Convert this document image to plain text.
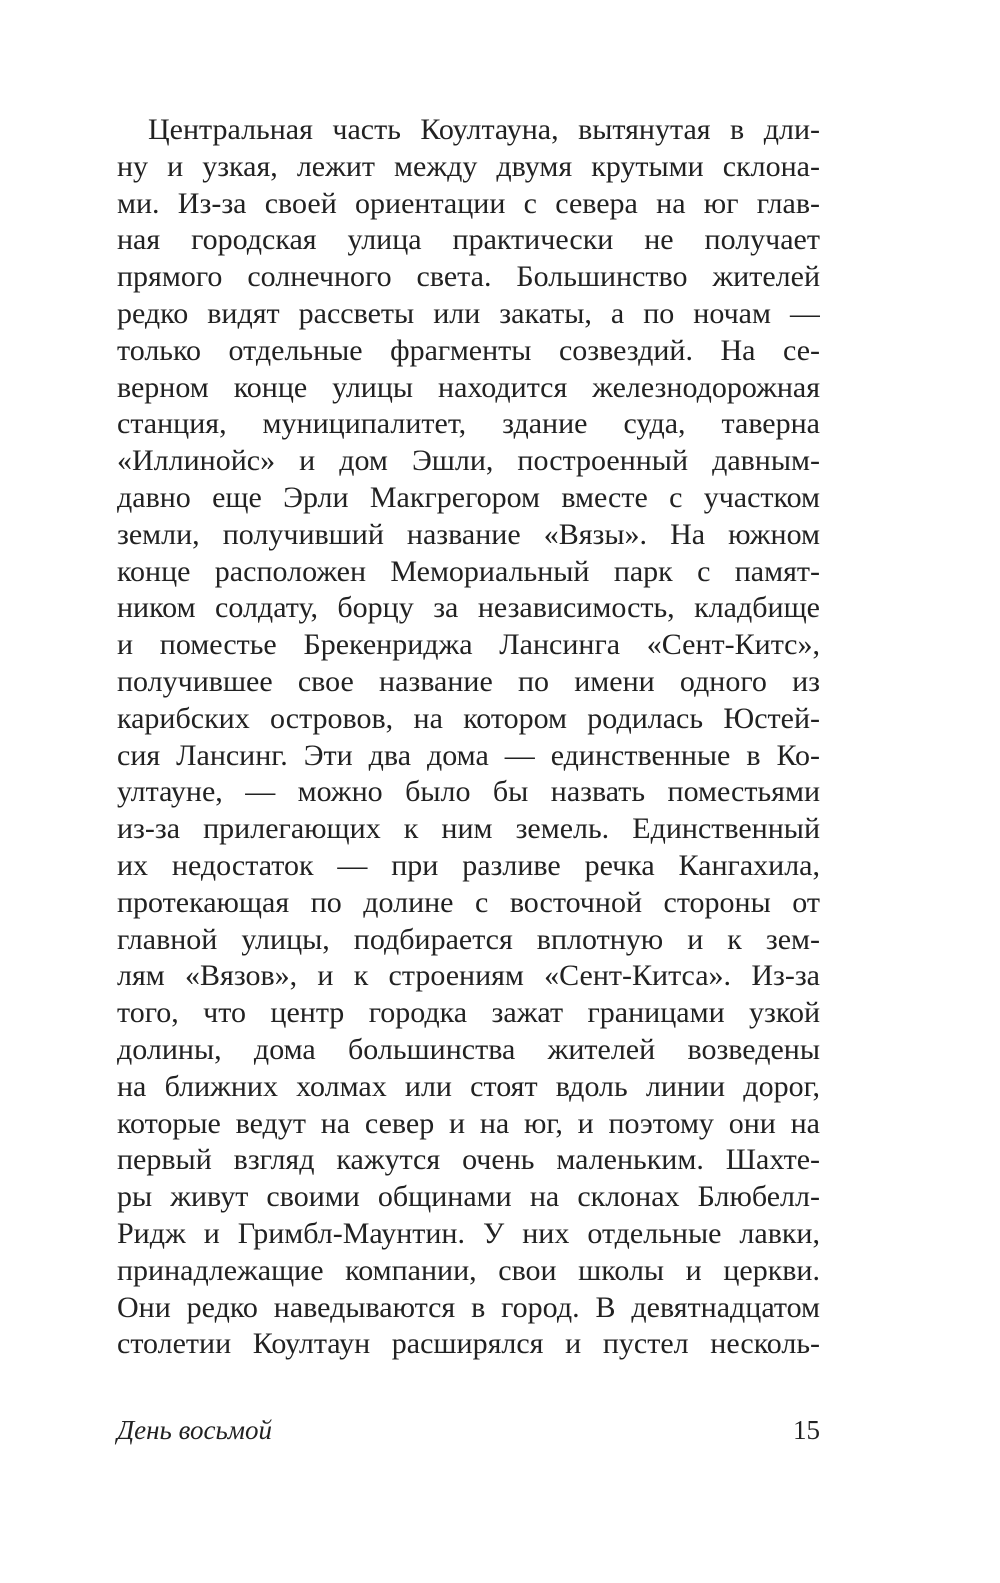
Центральная часть Коултауна, вытянутая в дли-
ну и узкая, лежит между двумя крутыми склона-
ми. Из-за своей ориентации с севера на юг глав-
ная городская улица практически не получает
прямого солнечного света. Большинство жителей
редко видят рассветы или закаты, а по ночам —
только отдельные фрагменты созвездий. На се-
верном конце улицы находится железнодорожная
станция, муниципалитет, здание суда, таверна
«Иллинойс» и дом Эшли, построенный давным-
давно еще Эрли Макгрегором вместе с участком
земли, получивший название «Вязы». На южном
конце расположен Мемориальный парк с памят-
ником солдату, борцу за независимость, кладбище
и поместье Брекенриджа Лансинга «Сент-Китс»,
получившее свое название по имени одного из
карибских островов, на котором родилась Юстей-
сия Лансинг. Эти два дома — единственные в Ко-
ултауне, — можно было бы назвать поместьями
из-за прилегающих к ним земель. Единственный
их недостаток — при разливе речка Кангахила,
протекающая по долине с восточной стороны от
главной улицы, подбирается вплотную и к зем-
лям «Вязов», и к строениям «Сент-Китса». Из-за
того, что центр городка зажат границами узкой
долины, дома большинства жителей возведены
на ближних холмах или стоят вдоль линии дорог,
которые ведут на север и на юг, и поэтому они на
первый взгляд кажутся очень маленьким. Шахте-
ры живут своими общинами на склонах Блюбелл-
Ридж и Гримбл-Маунтин. У них отдельные лавки,
принадлежащие компании, свои школы и церкви.
Они редко наведываются в город. В девятнадцатом
столетии Коултаун расширялся и пустел несколь-
День восьмой	15
